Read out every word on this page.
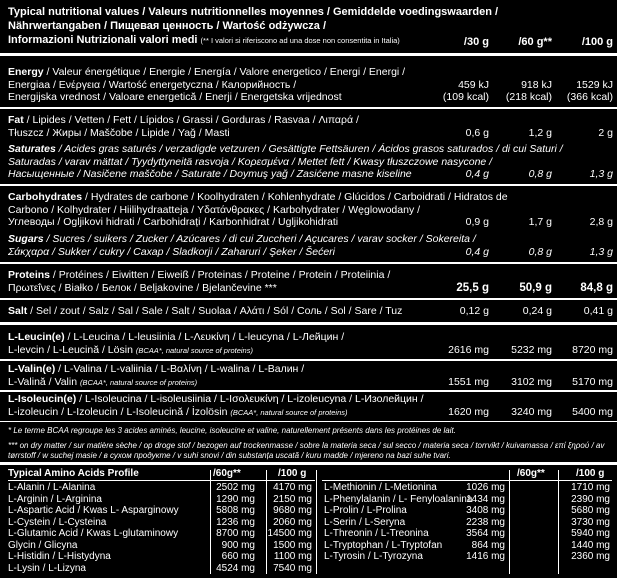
Typical nutritional values / Valeurs nutritionnelles moyennes / Gemiddelde voedingswaarden /
Nährwertangaben / Пищевая ценность / Wartość odżywcza /
Informazioni Nutrizionali valori medi (** I valori si riferiscono ad una dose non consentita in Italia)	/30 g	/60 g**	/100 g
Energy / Valeur énergétique / Energie / Energía / Valore energetico / Energi / Energi /
Energiaa / Ενέργεια / Wartość energetyczna / Калорийность /
Energijska vrednost / Valoare energetică / Enerji / Energetska vrijednost
459 kJ	918 kJ	1529 kJ
(109 kcal)	(218 kcal)	(366 kcal)
Fat / Lipides / Vetten / Fett / Lípidos / Grassi / Gorduras / Rasvaa / Λιπαρά /
Tłuszcz / Жиры / Maščobe / Lipide / Yağ / Masti	0,6 g	1,2 g	2 g
Saturates / Acides gras saturés / verzadigde vetzuren / Gesättigte Fettsäuren / Ácidos grasos saturados / di cui Saturi /
Saturadas / varav mättat / Tyydyttyneitä rasvoja / Κορεσμένα / Mettet fett / Kwasy tłuszczowe nasycone /
Насыщенные / Nasičene maščobe / Saturate / Doymuş yağ / Zasićene masne kiseline	0,4 g	0,8 g	1,3 g
Carbohydrates / Hydrates de carbone / Koolhydraten / Kohlenhydrate / Glúcidos / Carboidrati / Hidratos de
Carbono / Kolhydrater / Hiilihydraatteja / Υδατάνθρακες / Karbohydrater / Węglowodany /
Углеводы / Ogljikovi hidrati / Carbohidrați / Karbonhidrat / Ugljikohidrati	0,9 g	1,7 g	2,8 g
Sugars / Sucres / suikers / Zucker / Azúcares / di cui Zuccheri / Açucares / varav socker / Sokereita /
Σάκχαρα / Sukker / cukry / Сахар / Sladkorji / Zaharuri / Şeker / Šećeri	0,4 g	0,8 g	1,3 g
Proteins / Protéines / Eiwitten / Eiweiß / Proteinas / Proteine / Protein / Proteiinia /
Πρωτεΐνες / Białko / Белок / Beljakovine / Bjelančevine ***	25,5 g	50,9 g	84,8 g
Salt / Sel / zout / Salz / Sal / Sale / Salt / Suolaa / Αλάτι / Sól / Соль / Sol / Sare / Tuz	0,12 g	0,24 g	0,41 g
L-Leucin(e) / L-Leucina / L-leusiinia / L-Λευκίνη / L-leucyna / L-Лейцин /
L-levcin / L-Leucină / Lösin (BCAA*, natural source of proteins)	2616 mg	5232 mg	8720 mg
L-Valin(e) / L-Valina / L-valiinia / L-Βαλίνη / L-walina / L-Валин /
L-Valină / Valin (BCAA*, natural source of proteins)	1551 mg	3102 mg	5170 mg
L-Isoleucin(e) / L-Isoleucina / L-isoleusiinia / L-Ισολευκίνη / L-izoleucyna / L-Изолейцин /
L-izoleucin / L-Izoleucin / L-Isoleucină / İzolösin (BCAA*, natural source of proteins)	1620 mg	3240 mg	5400 mg
* Le terme BCAA regroupe les 3 acides aminés, leucine, isoleucine et valine, naturellement présents dans les protéines de lait.
*** on dry matter / sur matière sèche / op droge stof / bezogen auf trockenmasse / sobre la materia seca / sul secco / materia seca / torrvikt / kuivamassa / επί ξηρού / av
tørrstoff / w suchej masie / в сухом продукте / v suhi snovi / din substanța uscată / kuru madde / mjereno na bazi suhe tvari.
Typical Amino Acids Profile	/60g**	/100 g	/60g**	/100 g
L-Alanin / L-Alanina	2502 mg	4170 mg
L-Arginin / L-Arginina	1290 mg	2150 mg
L-Aspartic Acid / Kwas L- Asparginowy	5808 mg	9680 mg
L-Cystein / L-Cysteina	1236 mg	2060 mg
L-Glutamic Acid / Kwas L-glutaminowy	8700 mg	14500 mg
Glycin / Glicyna	900 mg	1500 mg
L-Histidin / L-Histydyna	660 mg	1100 mg
L-Lysin / L-Lizyna	4524 mg	7540 mg
L-Methionin / L-Metionina	1026 mg	1710 mg
L-Phenylalanin / L- Fenyloalanina
1434 mg	2390 mg
L-Prolin / L-Prolina	3408 mg	5680 mg
L-Serin / L-Seryna	2238 mg	3730 mg
L-Threonin / L-Treonina	3564 mg	5940 mg
L-Tryptophan / L-Tryptofan	864 mg	1440 mg
L-Tyrosin / L-Tyrozyna	1416 mg	2360 mg
